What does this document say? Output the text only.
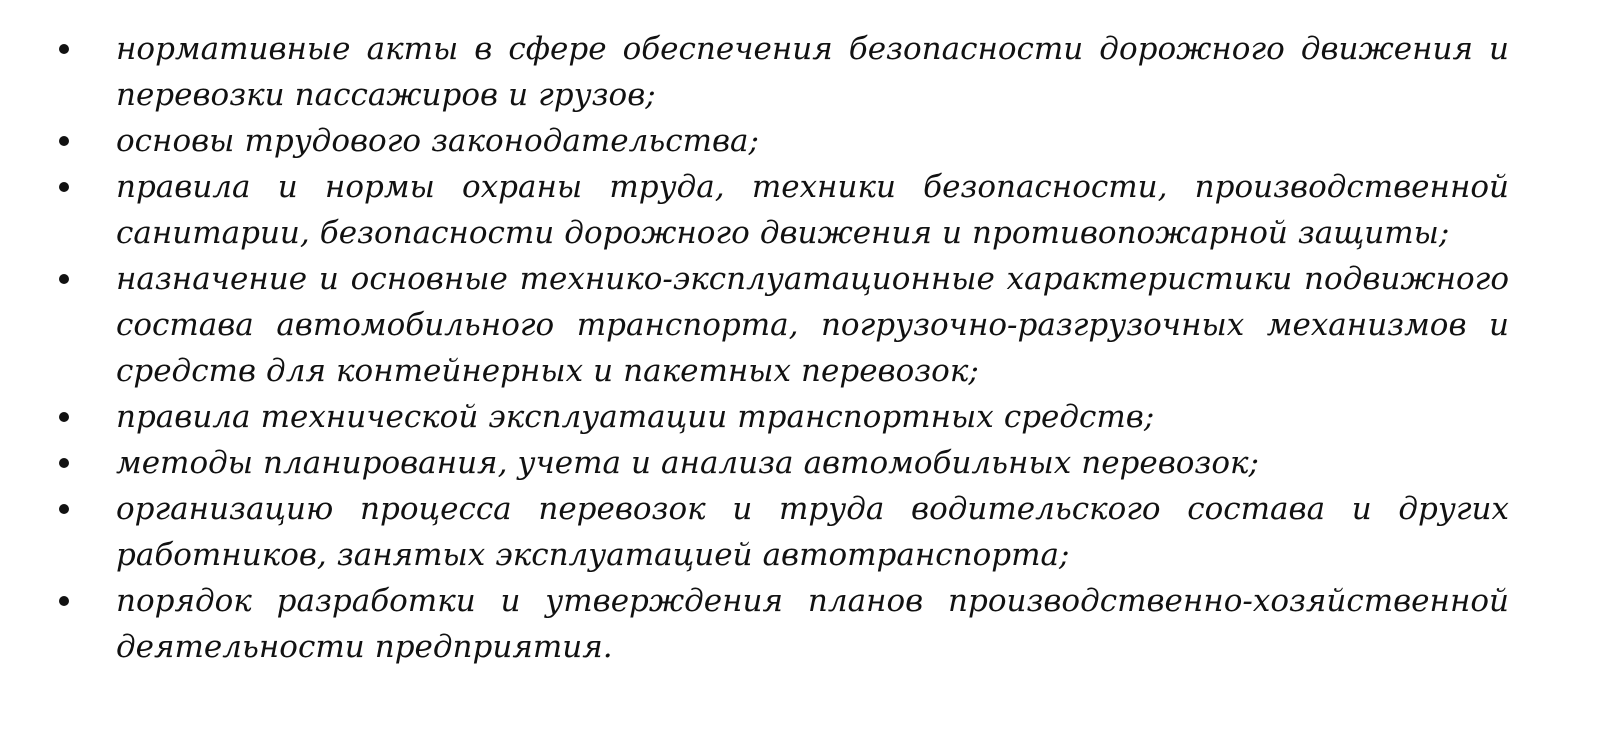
нормативные акты в сфере обеспечения безопасности дорожного движения и перевозки пассажиров и грузов;
основы трудового законодательства;
правила и нормы охраны труда, техники безопасности, производственной санитарии, безопасности дорожного движения и противопожарной защиты;
назначение и основные технико-эксплуатационные характеристики подвижного состава автомобильного транспорта, погрузочно-разгрузочных механизмов и средств для контейнерных и пакетных перевозок;
правила технической эксплуатации транспортных средств;
методы планирования, учета и анализа автомобильных перевозок;
организацию процесса перевозок и труда водительского состава и других работников, занятых эксплуатацией автотранспорта;
порядок разработки и утверждения планов производственно-хозяйственной деятельности предприятия.
